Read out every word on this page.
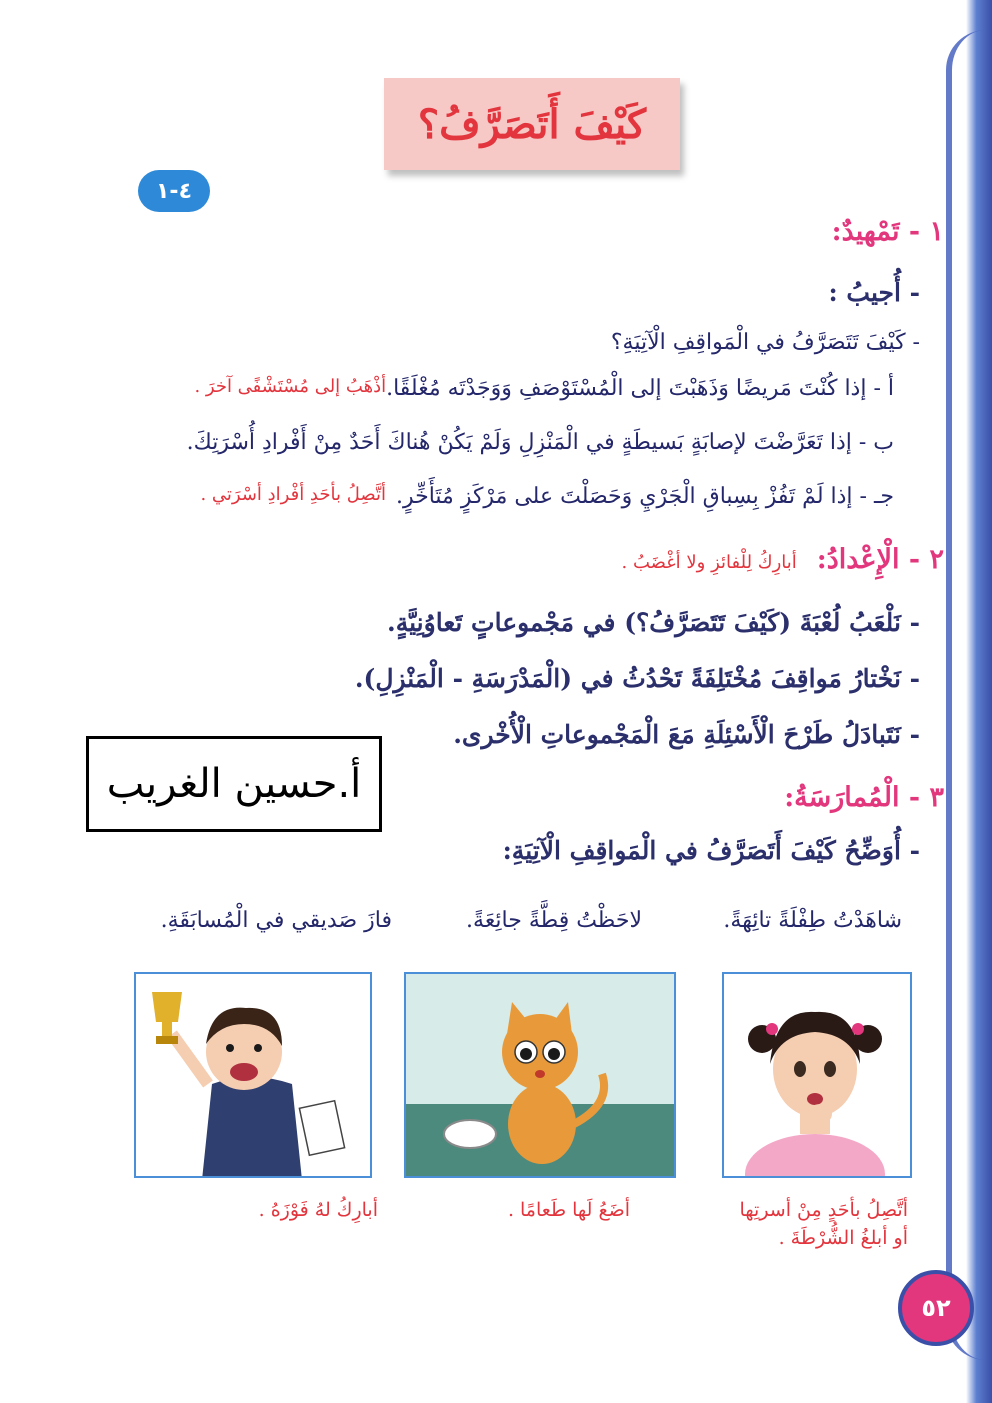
كَيْفَ أَتَصَرَّفُ؟
٤-١
١ - تَمْهيدٌ:
- أُجيبُ :
- كَيْفَ تَتَصَرَّفُ في الْمَواقِفِ الْآتِيَةِ؟
أ - إذا كُنْتَ مَريضًا وَذَهَبْتَ إلى الْمُسْتَوْصَفِ وَوَجَدْتَه مُغْلَقًا.
أذْهَبُ إلى مُسْتَشْفًى آخرَ .
ب - إذا تَعَرَّضْتَ لإصابَةٍ بَسيطَةٍ في الْمَنْزِلِ وَلَمْ يَكُنْ هُناكَ أَحَدٌ مِنْ أَفْرادِ أُسْرَتِكَ.
جـ - إذا لَمْ تَفُزْ بِسِباقِ الْجَرْيِ وَحَصَلْتَ على مَرْكَزٍ مُتَأَخِّرٍ.
أتَّصِلُ بأحَدِ أفْرادِ أسْرَتي .
٢ - الْإِعْدادُ:
أبارِكُ لِلْفائزِ ولا أغْضَبُ .
- نَلْعَبُ لُعْبَةَ (كَيْفَ تَتَصَرَّفُ؟) في مَجْموعاتٍ تَعاوُنِيَّةٍ.
- نَخْتارُ مَواقِفَ مُخْتَلِفَةً تَحْدُثُ في (الْمَدْرَسَةِ - الْمَنْزِلِ).
- نَتَبادَلُ طَرْحَ الْأَسْئِلَةِ مَعَ الْمَجْموعاتِ الْأُخْرى.
أ.حسين الغريب	٣ - الْمُمارَسَةُ:
- أُوَضِّحُ كَيْفَ أَتَصَرَّفُ في الْمَواقِفِ الْآتِيَةِ:
شاهَدْتُ طِفْلَةً تائِهَةً.
لاحَظْتُ قِطَّةً جائِعَةً.
فازَ صَديقي في الْمُسابَقَةِ.
أتَّصِلُ بأحَدٍ مِنْ أسرتِها
أو أبلغُ الشُّرْطَةَ .
أضَعُ لَها طَعامًا .
أبارِكُ لهُ فَوْزَهُ .
٥٢
